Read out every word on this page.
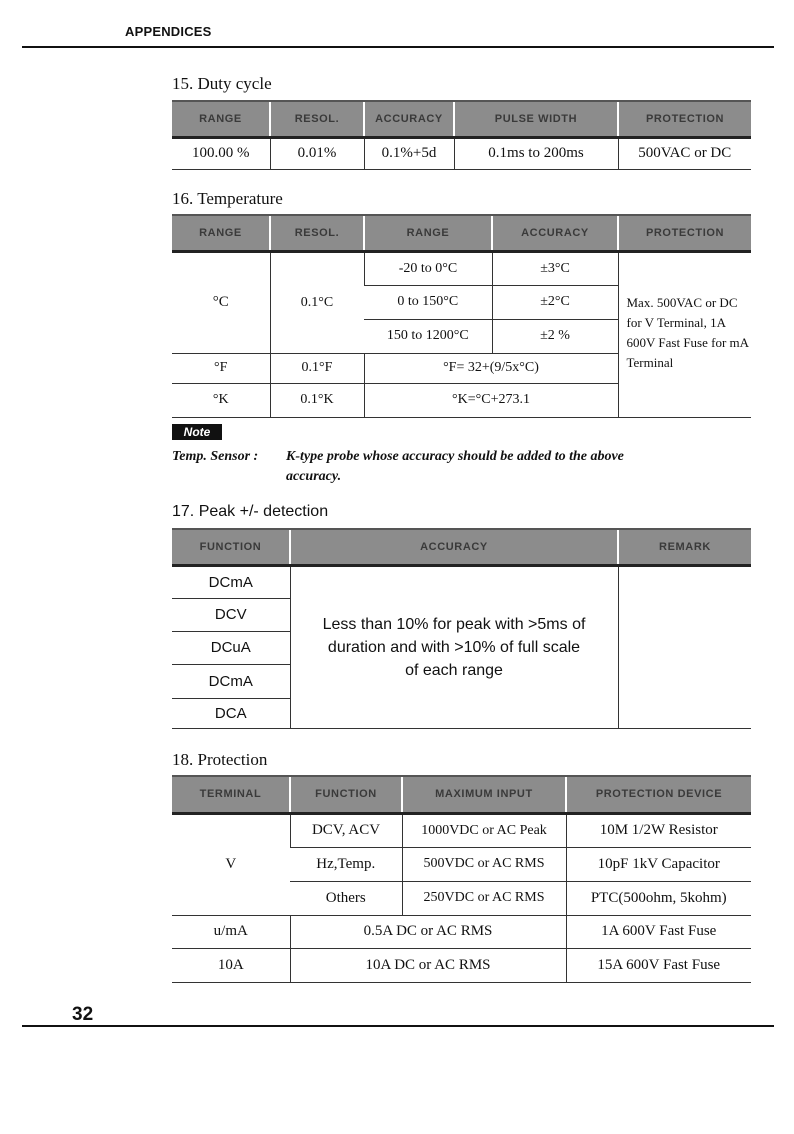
APPENDICES
15. Duty cycle
RANGE	RESOL.	ACCURACY	PULSE WIDTH	PROTECTION
100.00 %	0.01%	0.1%+5d	0.1ms to 200ms	500VAC or DC
16. Temperature
RANGE	RESOL.	RANGE	ACCURACY	PROTECTION
°C	0.1°C	-20 to 0°C	±3°C	Max. 500VAC or DC for V Terminal, 1A 600V Fast Fuse for mA Terminal
		0 to 150°C	±2°C	
		150 to 1200°C	±2 %	
°F	0.1°F	°F= 32+(9/5x°C)		
°K	0.1°K	°K=°C+273.1		
Note
Temp. Sensor : K-type probe whose accuracy should be added to the above
accuracy.
17. Peak +/- detection
FUNCTION	ACCURACY	REMARK
DCmA	Less than 10% for peak with >5ms of duration and with >10% of full scale of each range	
DCV		
DCuA		
DCmA		
DCA		
18. Protection
TERMINAL	FUNCTION	MAXIMUM INPUT	PROTECTION DEVICE
V	DCV, ACV	1000VDC or AC Peak	10M 1/2W Resistor
	Hz,Temp.	500VDC or AC RMS	10pF 1kV Capacitor
	Others	250VDC or AC RMS	PTC(500ohm, 5kohm)
u/mA	0.5A DC or AC RMS		1A 600V Fast Fuse
10A	10A DC or AC RMS		15A 600V Fast Fuse
32
